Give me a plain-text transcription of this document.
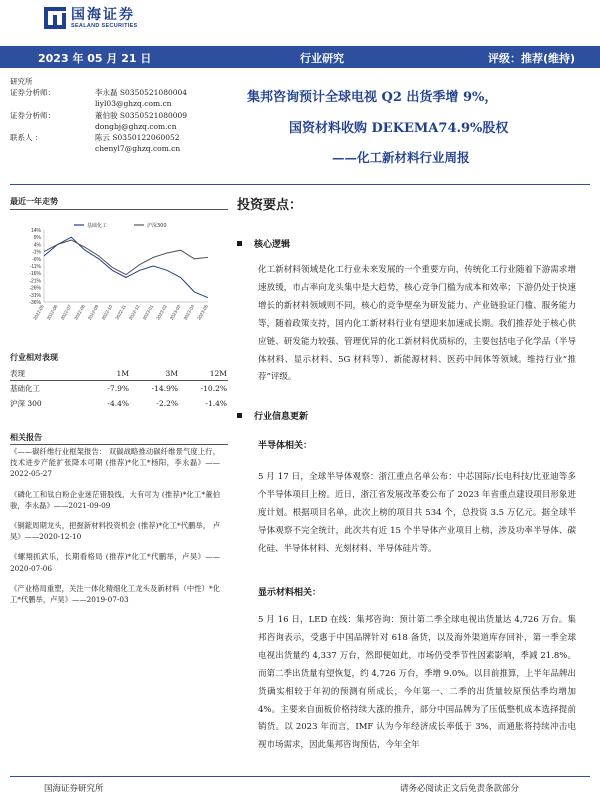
国海证券
SEALAND SECURITIES
2023 年 05 月 21 日	行业研究	评级：推荐(维持)
研究所
证券分析师：	李永磊 S0350521080004
liyl03@ghzq.com.cn
证券分析师：	董伯骏 S0350521080009
dongbj@ghzq.com.cn
联系人 ：	陈云 S0350122060052
chenyl7@ghzq.com.cn
集邦咨询预计全球电视 Q2 出货季增 9%，
国资材料收购 DEKEMA74.9%股权
——化工新材料行业周报
最近一年走势
14%
9%
4%
-1%
-6%
-11%
-16%
-21%
-26%
-31%
-36%
2022-05 2022-06 2022-07 2022-08 2022-09 2022-10 2022-11 2022-12 2023-01 2023-02 2023-03 2023-04 2023-05
基础化工	沪深300
行业相对表现
表现	1M	3M	12M
基础化工	-7.9%	-14.9%	-10.2%
沪深 300	-4.4%	-2.2%	-1.4%
相关报告
《——碳纤维行业框架报告： 双碳战略推动碳纤维景气度上行，技术进步产能扩张降本可期 (推荐)*化工*杨阳，李永磊》——2022-05-27
《磷化工和钛白粉企业迷茫错股线，大有可为 (推荐)*化工*董伯骏，李永磊》——2021-09-09
《铜鋐周期龙头，把握新材料投资机会 (推荐)*化工*代鹏举， 卢昊》——2020-12-10
《螺翔抓武乐，长期看格局 (推荐)*化工*代鹏举，卢昊》——2020-07-06
《产业格局重塑，关注一体化精细化工龙头及新材料（中性）*化工*代鹏举，卢昊》——2019-07-03
投资要点：
核心逻辑
化工新材料领域是化工行业未来发展的一个重要方向，传统化工行业随着下游需求增速放缓，市占率向龙头集中是大趋势，核心竞争门槛为成本和效率；下游仍处于快速增长的新材料领域则不同，核心的竞争壁垒为研发能力、产业链验证门槛、服务能力等，随着政策支持，国内化工新材料行业有望迎来加速成长期。我们推荐处于核心供应链、研发能力较强、管理优异的化工新材料优质标的，主要包括电子化学品（半导体材料、显示材料、5G 材料等）、新能源材料、医药中间体等领域。维持行业“推荐”评级。
行业信息更新
半导体相关：
5 月 17 日，全球半导体观察：浙江重点名单公布：中芯国际/长电科技/比亚迪等多个半导体项目上榜。近日，浙江省发展改革委公布了 2023 年省重点建设项目形象进度计划。根据项目名单，此次上榜的项目共 534 个，总投资 3.5 万亿元。据全球半导体观察不完全统计，此次共有近 15 个半导体产业项目上榜，涉及功率半导体、碳化硅、半导体材料、光刻材料、半导体硅片等。
显示材料相关：
5 月 16 日，LED 在线：集邦咨询：预计第二季全球电视出货量达 4,726 万台。集邦咨询表示，受惠于中国品牌针对 618 备货，以及海外渠道库存回补，第一季全球电视出货量约 4,337 万台，然即便如此，市场仍受季节性因素影响，季减 21.8%。而第二季出货量有望恢复，约 4,726 万台，季增 9.0%。以目前推算，上半年品牌出货确实相较于年初的预测有所成长，今年第一、二季的出货量较原预估季均增加 4%。主要来自面板价格持续大涨的推升，部分中国品牌为了压低整机成本选择提前销货。以 2023 年而言，IMF 认为今年经济成长率低于 3%，而通胀将持续冲击电视市场需求，因此集邦咨询预估，今年全年
国海证券研究所	请务必阅读正文后免责条款部分
